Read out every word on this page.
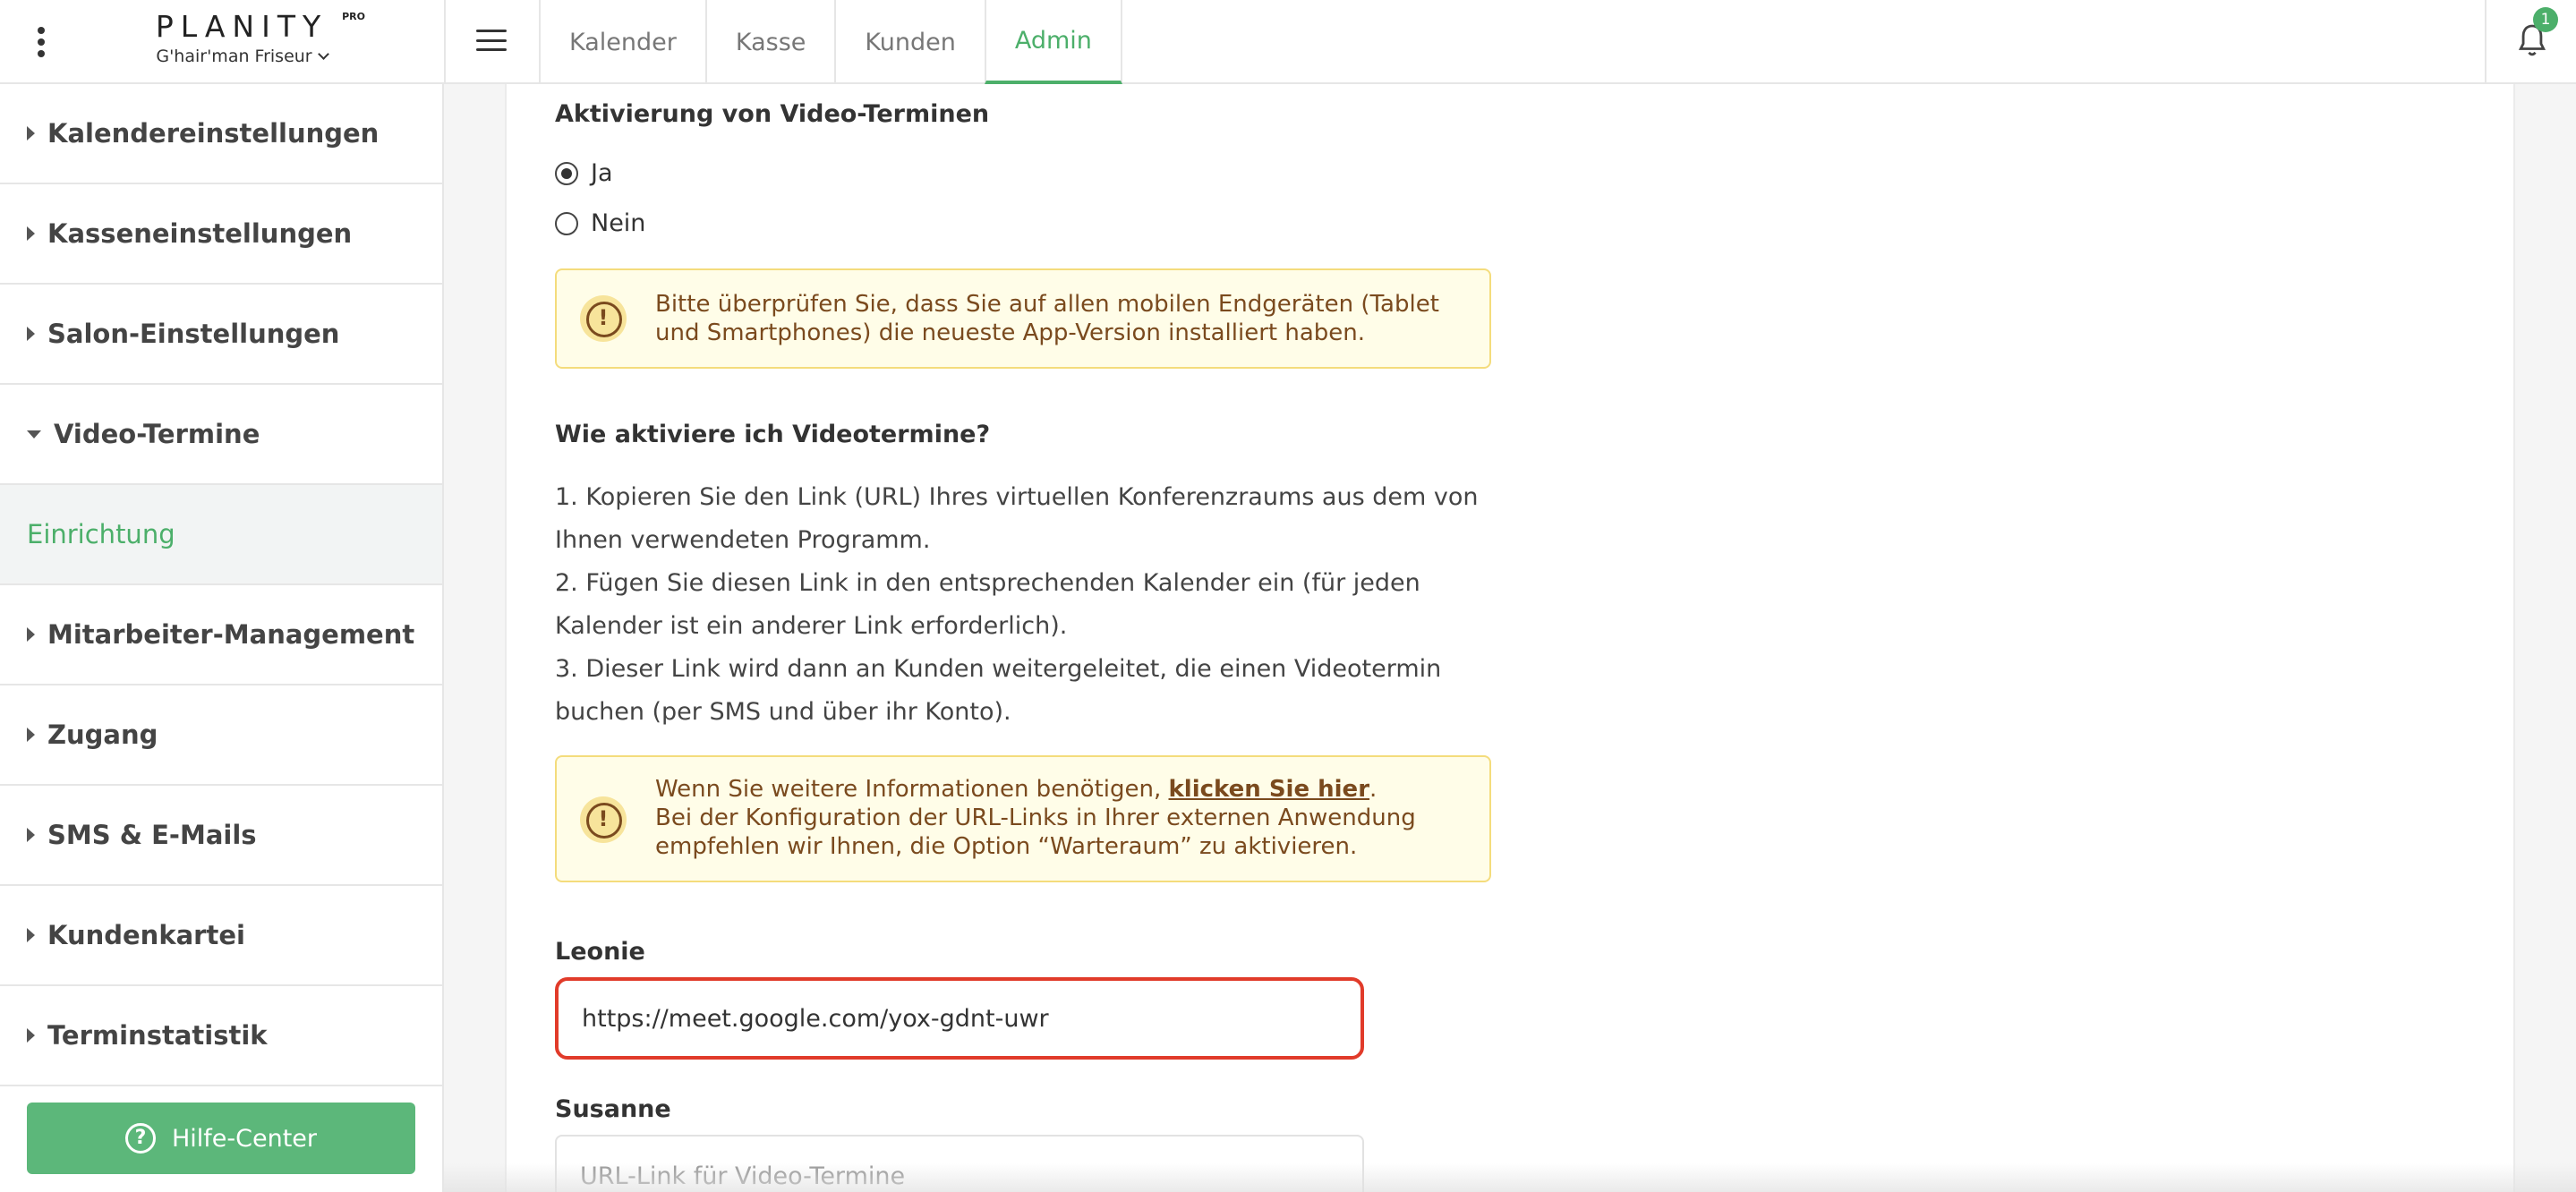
PLANITY	PRO
G'hair'man Friseur
Kalender	Kasse	Kunden	Admin
1
Kalendereinstellungen
Kasseneinstellungen
Salon-Einstellungen
Video-Termine
Einrichtung
Mitarbeiter-Management
Zugang
SMS & E-Mails
Kundenkartei
Terminstatistik
?	Hilfe-Center
Aktivierung von Video-Terminen
Ja
Nein
!
Bitte überprüfen Sie, dass Sie auf allen mobilen Endgeräten (Tablet und Smartphones) die neueste App-Version installiert haben.
Wie aktiviere ich Videotermine?
1. Kopieren Sie den Link (URL) Ihres virtuellen Konferenzraums aus dem von Ihnen verwendeten Programm.
2. Fügen Sie diesen Link in den entsprechenden Kalender ein (für jeden Kalender ist ein anderer Link erforderlich).
3. Dieser Link wird dann an Kunden weitergeleitet, die einen Videotermin buchen (per SMS und über ihr Konto).
!
Wenn Sie weitere Informationen benötigen, klicken Sie hier.
Bei der Konfiguration der URL-Links in Ihrer externen Anwendung empfehlen wir Ihnen, die Option “Warteraum” zu aktivieren.
Leonie
https://meet.google.com/yox-gdnt-uwr
Susanne
URL-Link für Video-Termine
